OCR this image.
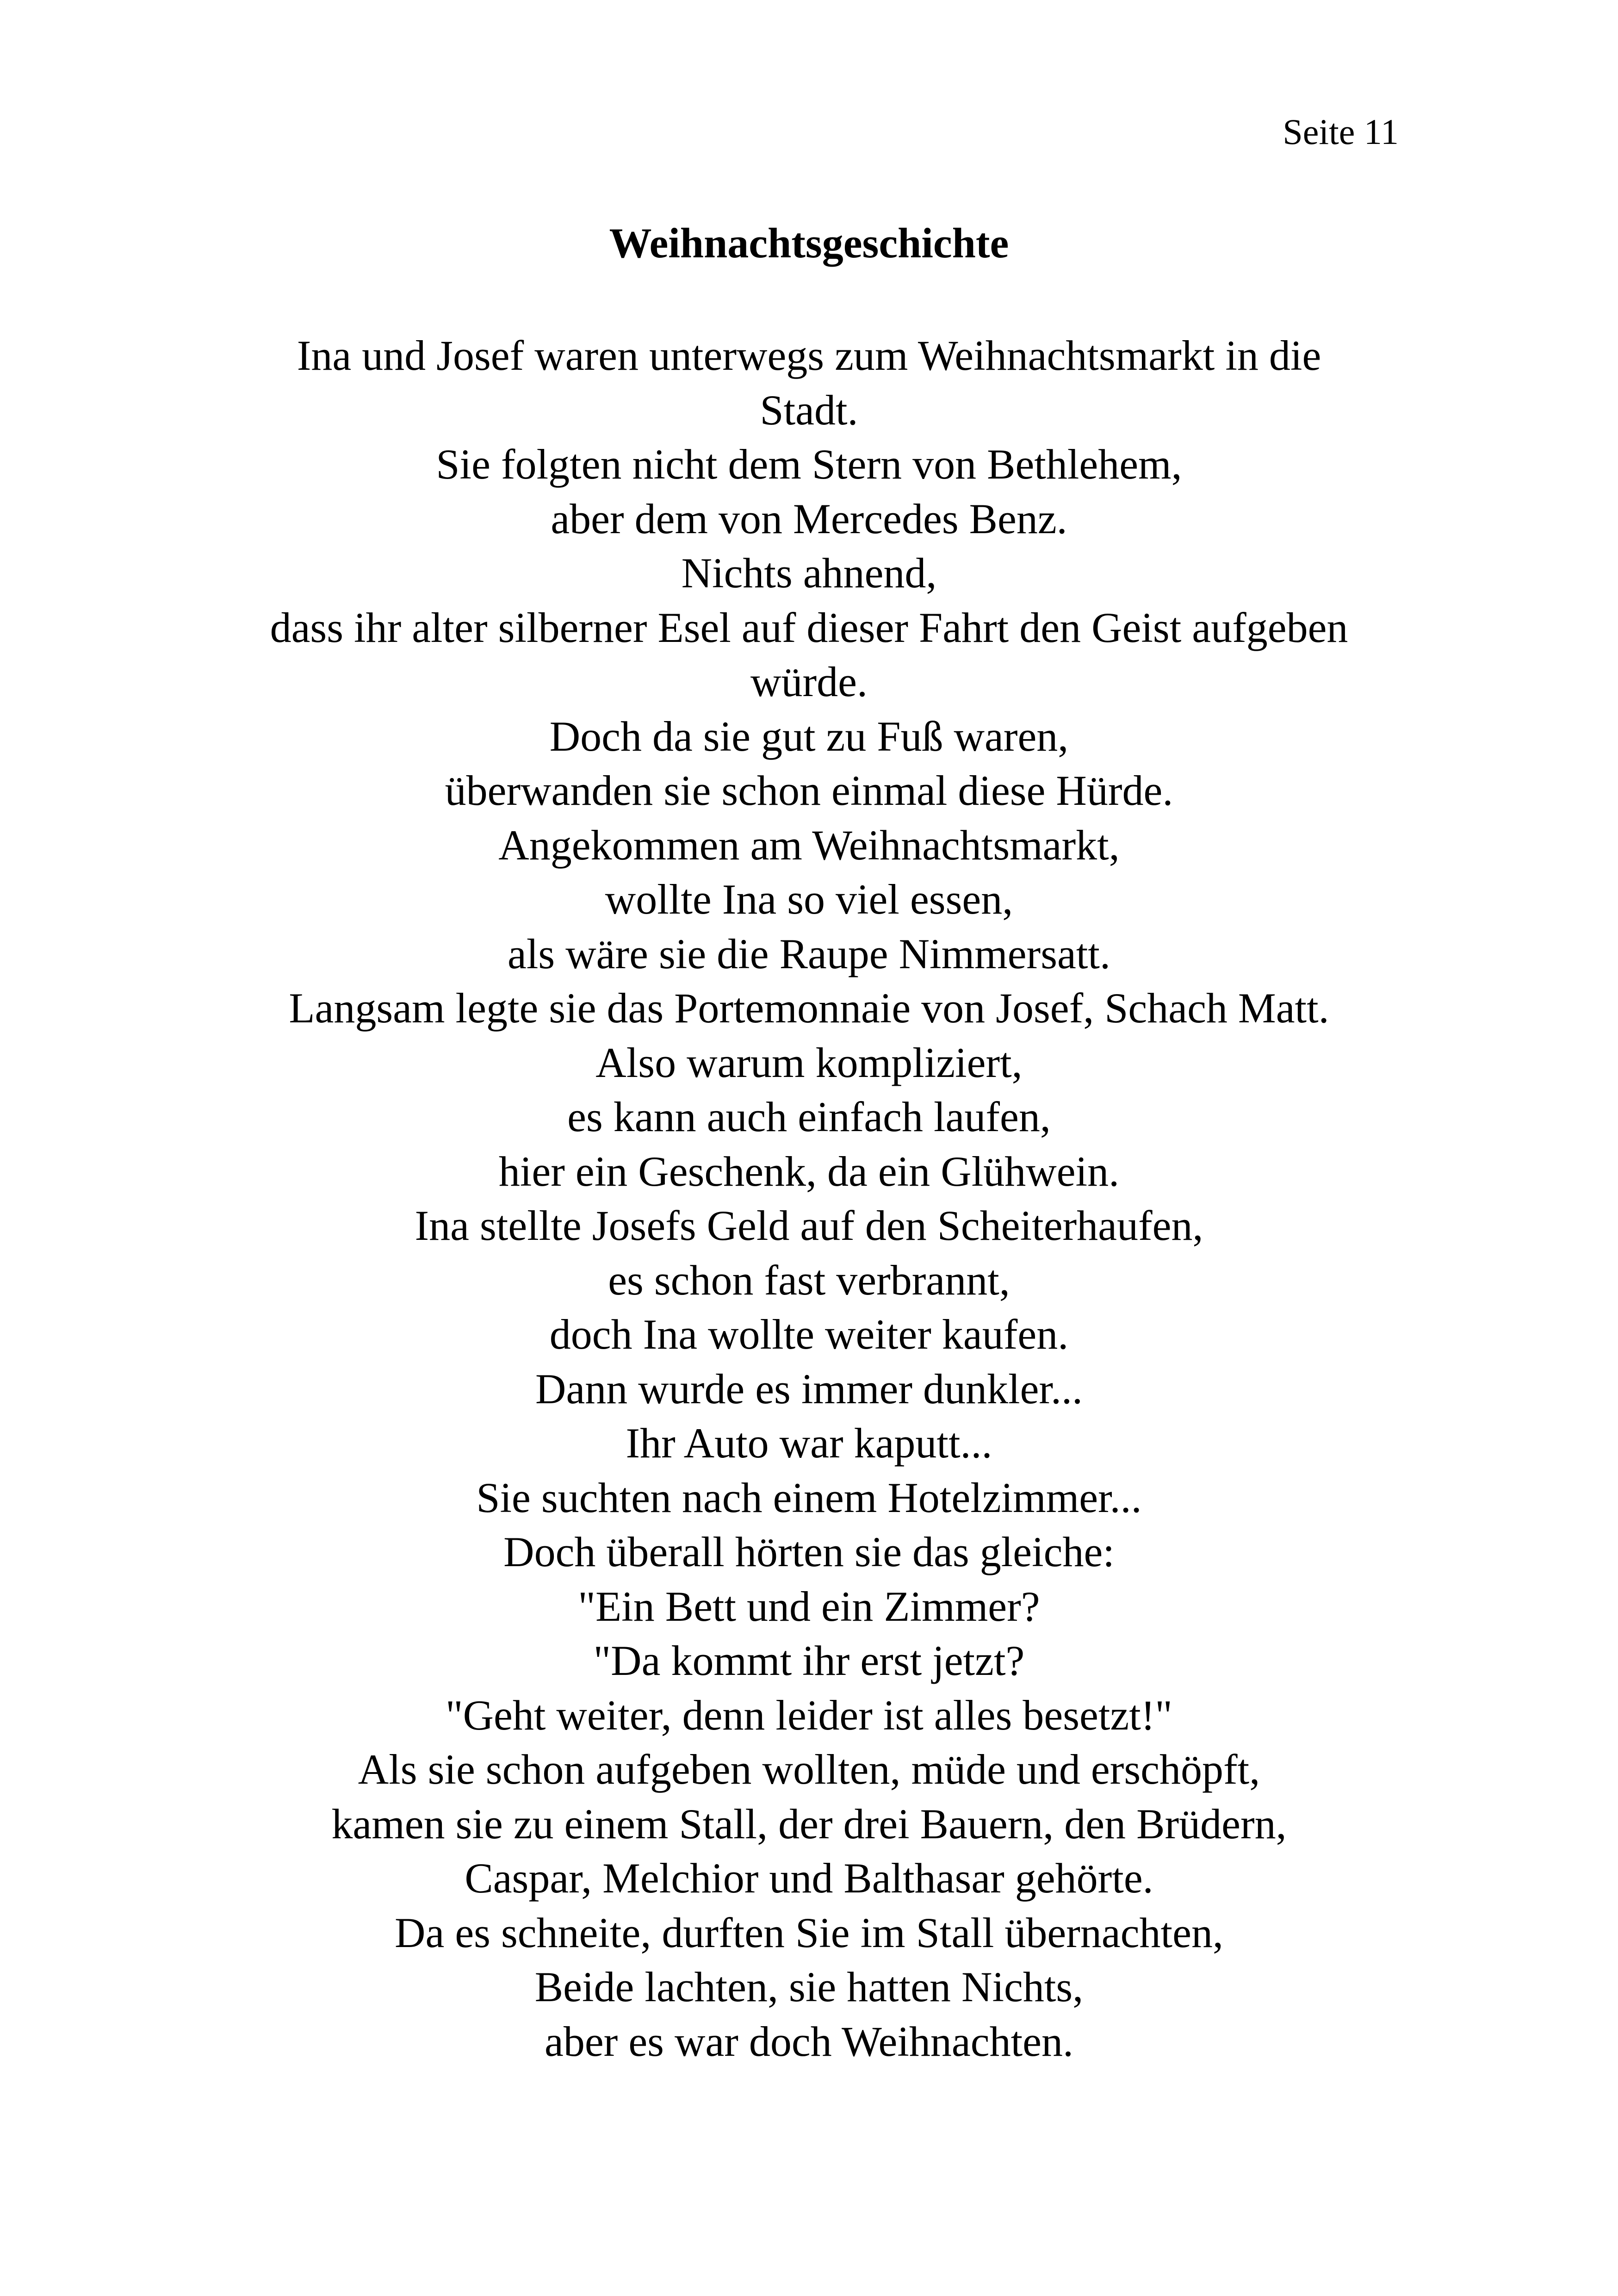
Seite 11
Weihnachtsgeschichte
Ina und Josef waren unterwegs zum Weihnachtsmarkt in die
Stadt.
Sie folgten nicht dem Stern von Bethlehem,
aber dem von Mercedes Benz.
Nichts ahnend,
dass ihr alter silberner Esel auf dieser Fahrt den Geist aufgeben
würde.
Doch da sie gut zu Fuß waren,
überwanden sie schon einmal diese Hürde.
Angekommen am Weihnachtsmarkt,
wollte Ina so viel essen,
als wäre sie die Raupe Nimmersatt.
Langsam legte sie das Portemonnaie von Josef, Schach Matt.
Also warum kompliziert,
es kann auch einfach laufen,
hier ein Geschenk, da ein Glühwein.
Ina stellte Josefs Geld auf den Scheiterhaufen,
es schon fast verbrannt,
doch Ina wollte weiter kaufen.
Dann wurde es immer dunkler...
Ihr Auto war kaputt...
Sie suchten nach einem Hotelzimmer...
Doch überall hörten sie das gleiche:
"Ein Bett und ein Zimmer?
"Da kommt ihr erst jetzt?
"Geht weiter, denn leider ist alles besetzt!"
Als sie schon aufgeben wollten, müde und erschöpft,
kamen sie zu einem Stall, der drei Bauern, den Brüdern,
Caspar, Melchior und Balthasar gehörte.
Da es schneite, durften Sie im Stall übernachten,
Beide lachten, sie hatten Nichts,
aber es war doch Weihnachten.
